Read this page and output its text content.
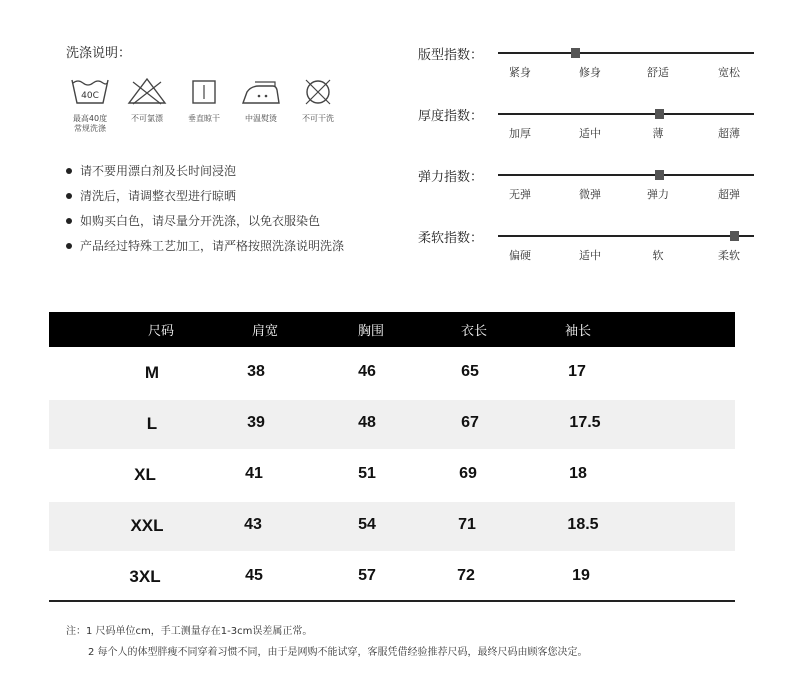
洗涤说明：
40C
最高40度
常规洗涤
不可氯漂	垂直晾干	中温熨烫	不可干洗
请不要用漂白剂及长时间浸泡
清洗后，请调整衣型进行晾晒
如购买白色，请尽量分开洗涤，以免衣服染色
产品经过特殊工艺加工，请严格按照洗涤说明洗涤
版型指数：
紧身	修身	舒适	宽松
厚度指数：
加厚	适中	薄	超薄
弹力指数：
无弹	微弹	弹力	超弹
柔软指数：
偏硬	适中	软	柔软
尺码	肩宽	胸围	衣长	袖长
M	38	46	65	17
L	39	48	67	17.5
XL	41	51	69	18
XXL	43	54	71	18.5
3XL	45	57	72	19
注：1 尺码单位cm，手工测量存在1-3cm误差属正常。
2 每个人的体型胖瘦不同穿着习惯不同，由于是网购不能试穿，客服凭借经验推荐尺码，最终尺码由顾客您决定。
